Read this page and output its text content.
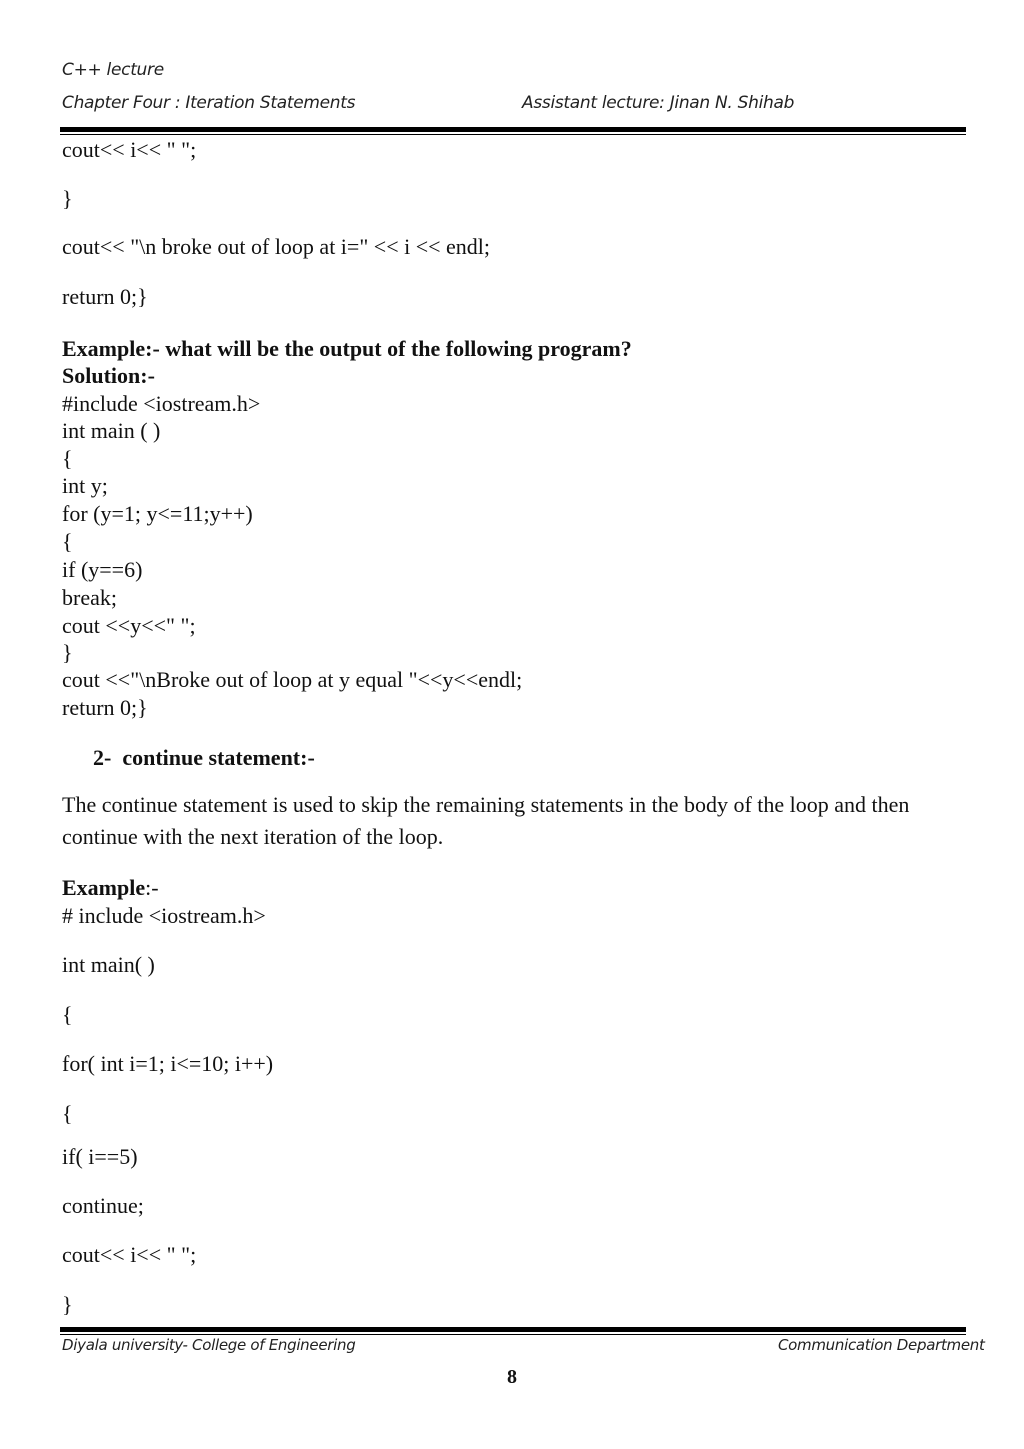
C++ lecture
Chapter Four : Iteration Statements	Assistant lecture: Jinan N. Shihab
cout<< i<< " ";
}
cout<< "\n broke out of loop at i=" << i << endl;
return 0;}
Example:- what will be the output of the following program?
Solution:-
#include <iostream.h>
int main ( )
{
int y;
for (y=1; y<=11;y++)
{
if (y==6)
break;
cout <<y<<" ";
}
cout <<"\nBroke out of loop at y equal "<<y<<endl;
return 0;}
2-  continue statement:-
The continue statement is used to skip the remaining statements in the body of the loop and then continue with the next iteration of the loop.
Example:-
# include <iostream.h>
int main( )
{
for( int i=1; i<=10; i++)
{
if( i==5)
continue;
cout<< i<< " ";
}
Diyala university- College of Engineering	Communication Department
8
